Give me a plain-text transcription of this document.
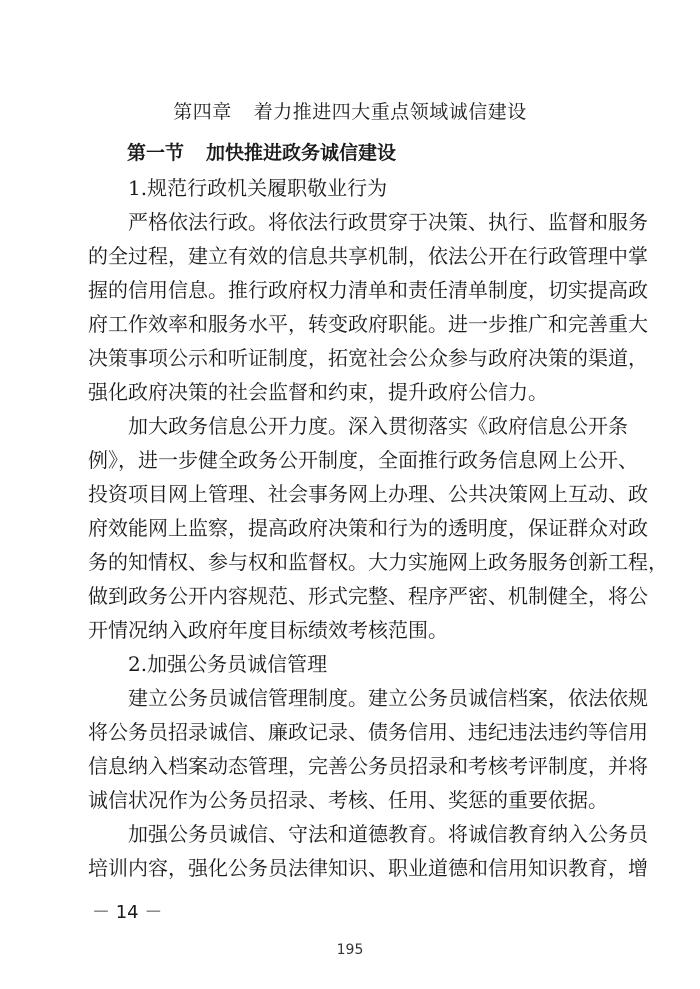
第四章 着力推进四大重点领域诚信建设
第一节 加快推进政务诚信建设
1.规范行政机关履职敬业行为
严格依法行政。将依法行政贯穿于决策、执行、监督和服务
的全过程，建立有效的信息共享机制，依法公开在行政管理中掌
握的信用信息。推行政府权力清单和责任清单制度，切实提高政
府工作效率和服务水平，转变政府职能。进一步推广和完善重大
决策事项公示和听证制度，拓宽社会公众参与政府决策的渠道，
强化政府决策的社会监督和约束，提升政府公信力。
加大政务信息公开力度。深入贯彻落实《政府信息公开条
例》，进一步健全政务公开制度，全面推行政务信息网上公开、
投资项目网上管理、社会事务网上办理、公共决策网上互动、政
府效能网上监察，提高政府决策和行为的透明度，保证群众对政
务的知情权、参与权和监督权。大力实施网上政务服务创新工程，
做到政务公开内容规范、形式完整、程序严密、机制健全，将公
开情况纳入政府年度目标绩效考核范围。
2.加强公务员诚信管理
建立公务员诚信管理制度。建立公务员诚信档案，依法依规
将公务员招录诚信、廉政记录、债务信用、违纪违法违约等信用
信息纳入档案动态管理，完善公务员招录和考核考评制度，并将
诚信状况作为公务员招录、考核、任用、奖惩的重要依据。
加强公务员诚信、守法和道德教育。将诚信教育纳入公务员
培训内容，强化公务员法律知识、职业道德和信用知识教育，增
－ 14 －
195
